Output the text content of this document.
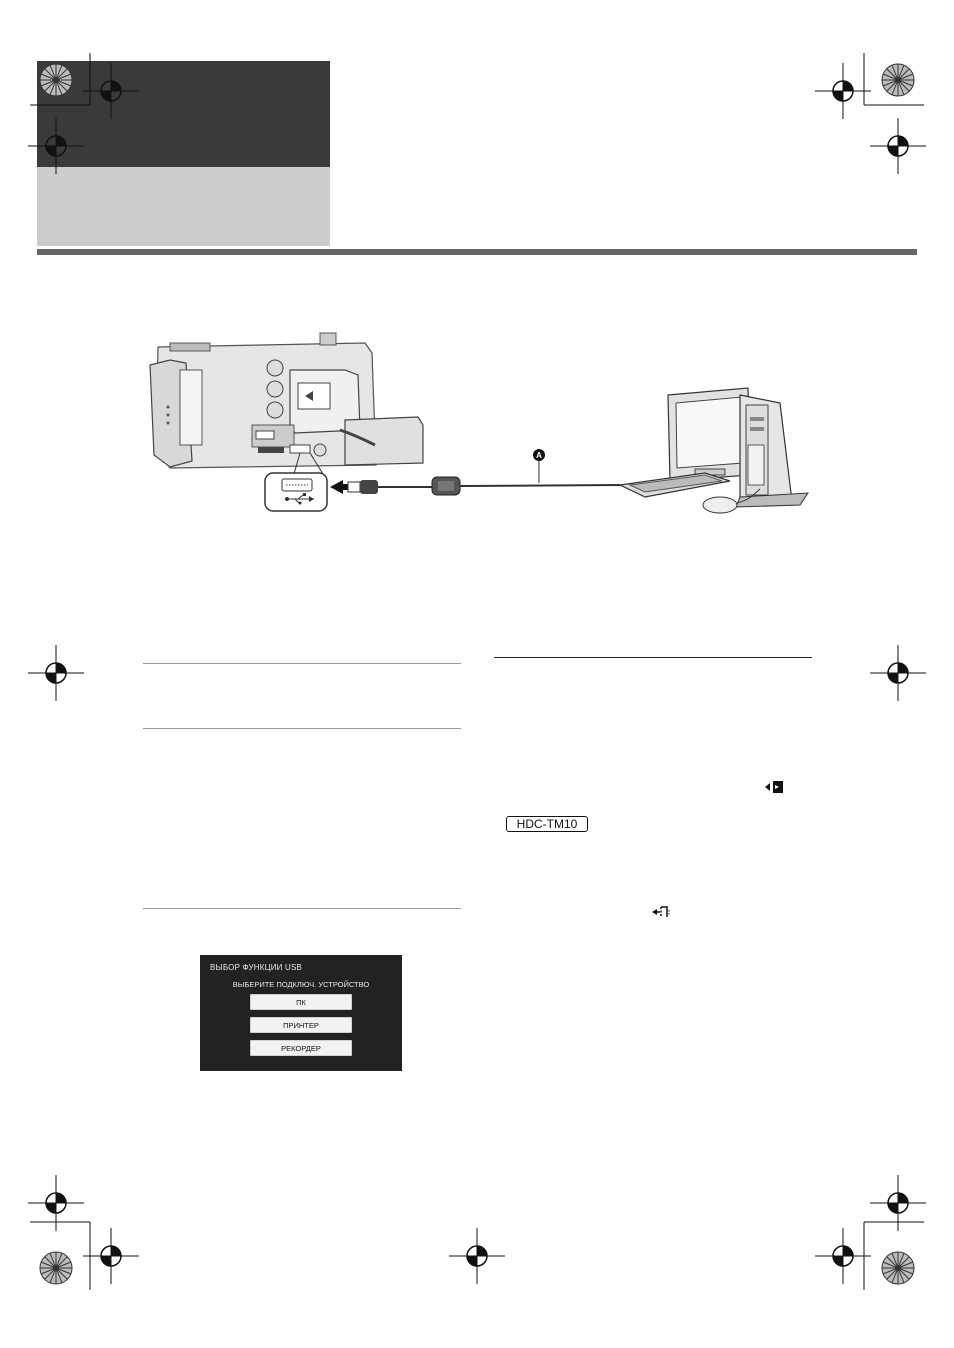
A
ВЫБОР ФУНКЦИИ USB
ВЫБЕРИТЕ ПОДКЛЮЧ. УСТРОЙСТВО
ПК
ПРИНТЕР
РЕКОРДЕР
HDC-TM10
